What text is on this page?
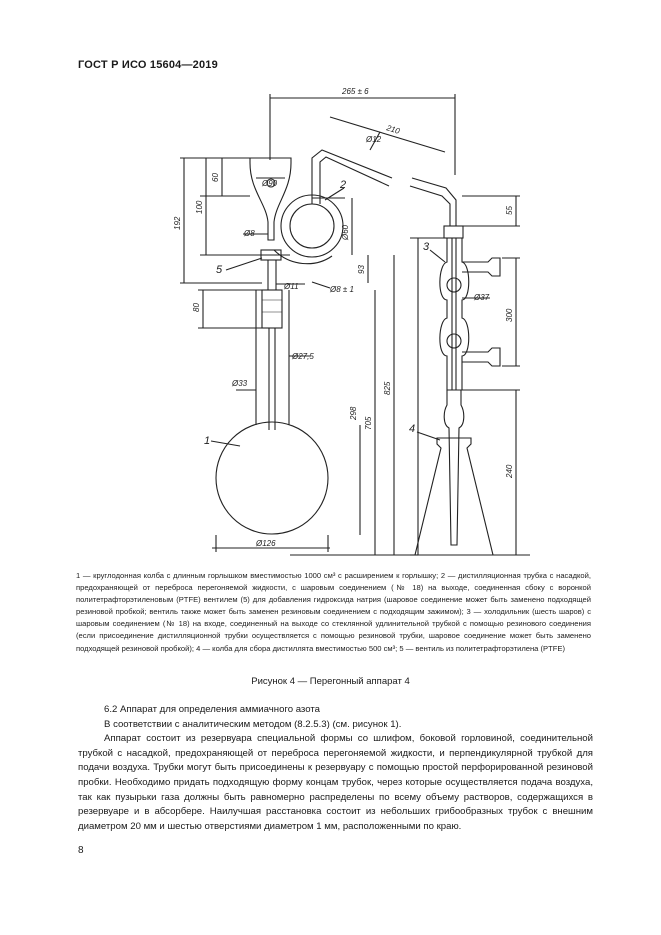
ГОСТ Р ИСО 15604—2019
265 ± 6
210
Ø12
60
100
192
Ø90
Ø8	Ø60
93
Ø8 ± 1
Ø11
80
Ø27,5
Ø33
298
705
825
Ø126
55
Ø37
300
240
1
2
3
4
5
1 — круглодонная колба с длинным горлышком вместимостью 1000 см³ с расширением к горлышку; 2 — дистилляционная трубка с насадкой, предохраняющей от переброса перегоняемой жидкости, с шаровым соединением (№ 18) на выходе, соединенная сбоку с воронкой политетрафторэтиленовым (PTFE) вентилем (5) для добавления гидроксида натрия (шаровое соединение может быть заменено подходящей резиновой пробкой; вентиль также может быть заменен резиновым соединением с подходящим зажимом); 3 — холодильник (шесть шаров) с шаровым соединением (№ 18) на входе, соединенный на выходе со стеклянной удлинительной трубкой с помощью резинового соединения (если присоединение дистилляционной трубки осуществляется с помощью резиновой трубки, шаровое соединение может быть заменено подходящей резиновой пробкой); 4 — колба для сбора дистиллята вместимостью 500 см³; 5 — вентиль из политетрафторэтилена (PTFE)
Рисунок 4 — Перегонный аппарат 4

6.2 Аппарат для определения аммиачного азота

В соответствии с аналитическим методом (8.2.5.3) (см. рисунок 1).

Аппарат состоит из резервуара специальной формы со шлифом, боковой горловиной, соединительной трубкой с насадкой, предохраняющей от переброса перегоняемой жидкости, и перпендикулярной трубкой для подачи воздуха. Трубки могут быть присоединены к резервуару с помощью простой перфорированной резиновой пробки. Необходимо придать подходящую форму концам трубок, через которые осуществляется подача воздуха, так как пузырьки газа должны быть равномерно распределены по всему объему растворов, содержащихся в резервуаре и в абсорбере. Наилучшая расстановка состоит из небольших грибообразных трубок с внешним диаметром 20 мм и шестью отверстиями диаметром 1 мм, расположенными по краю.

8
